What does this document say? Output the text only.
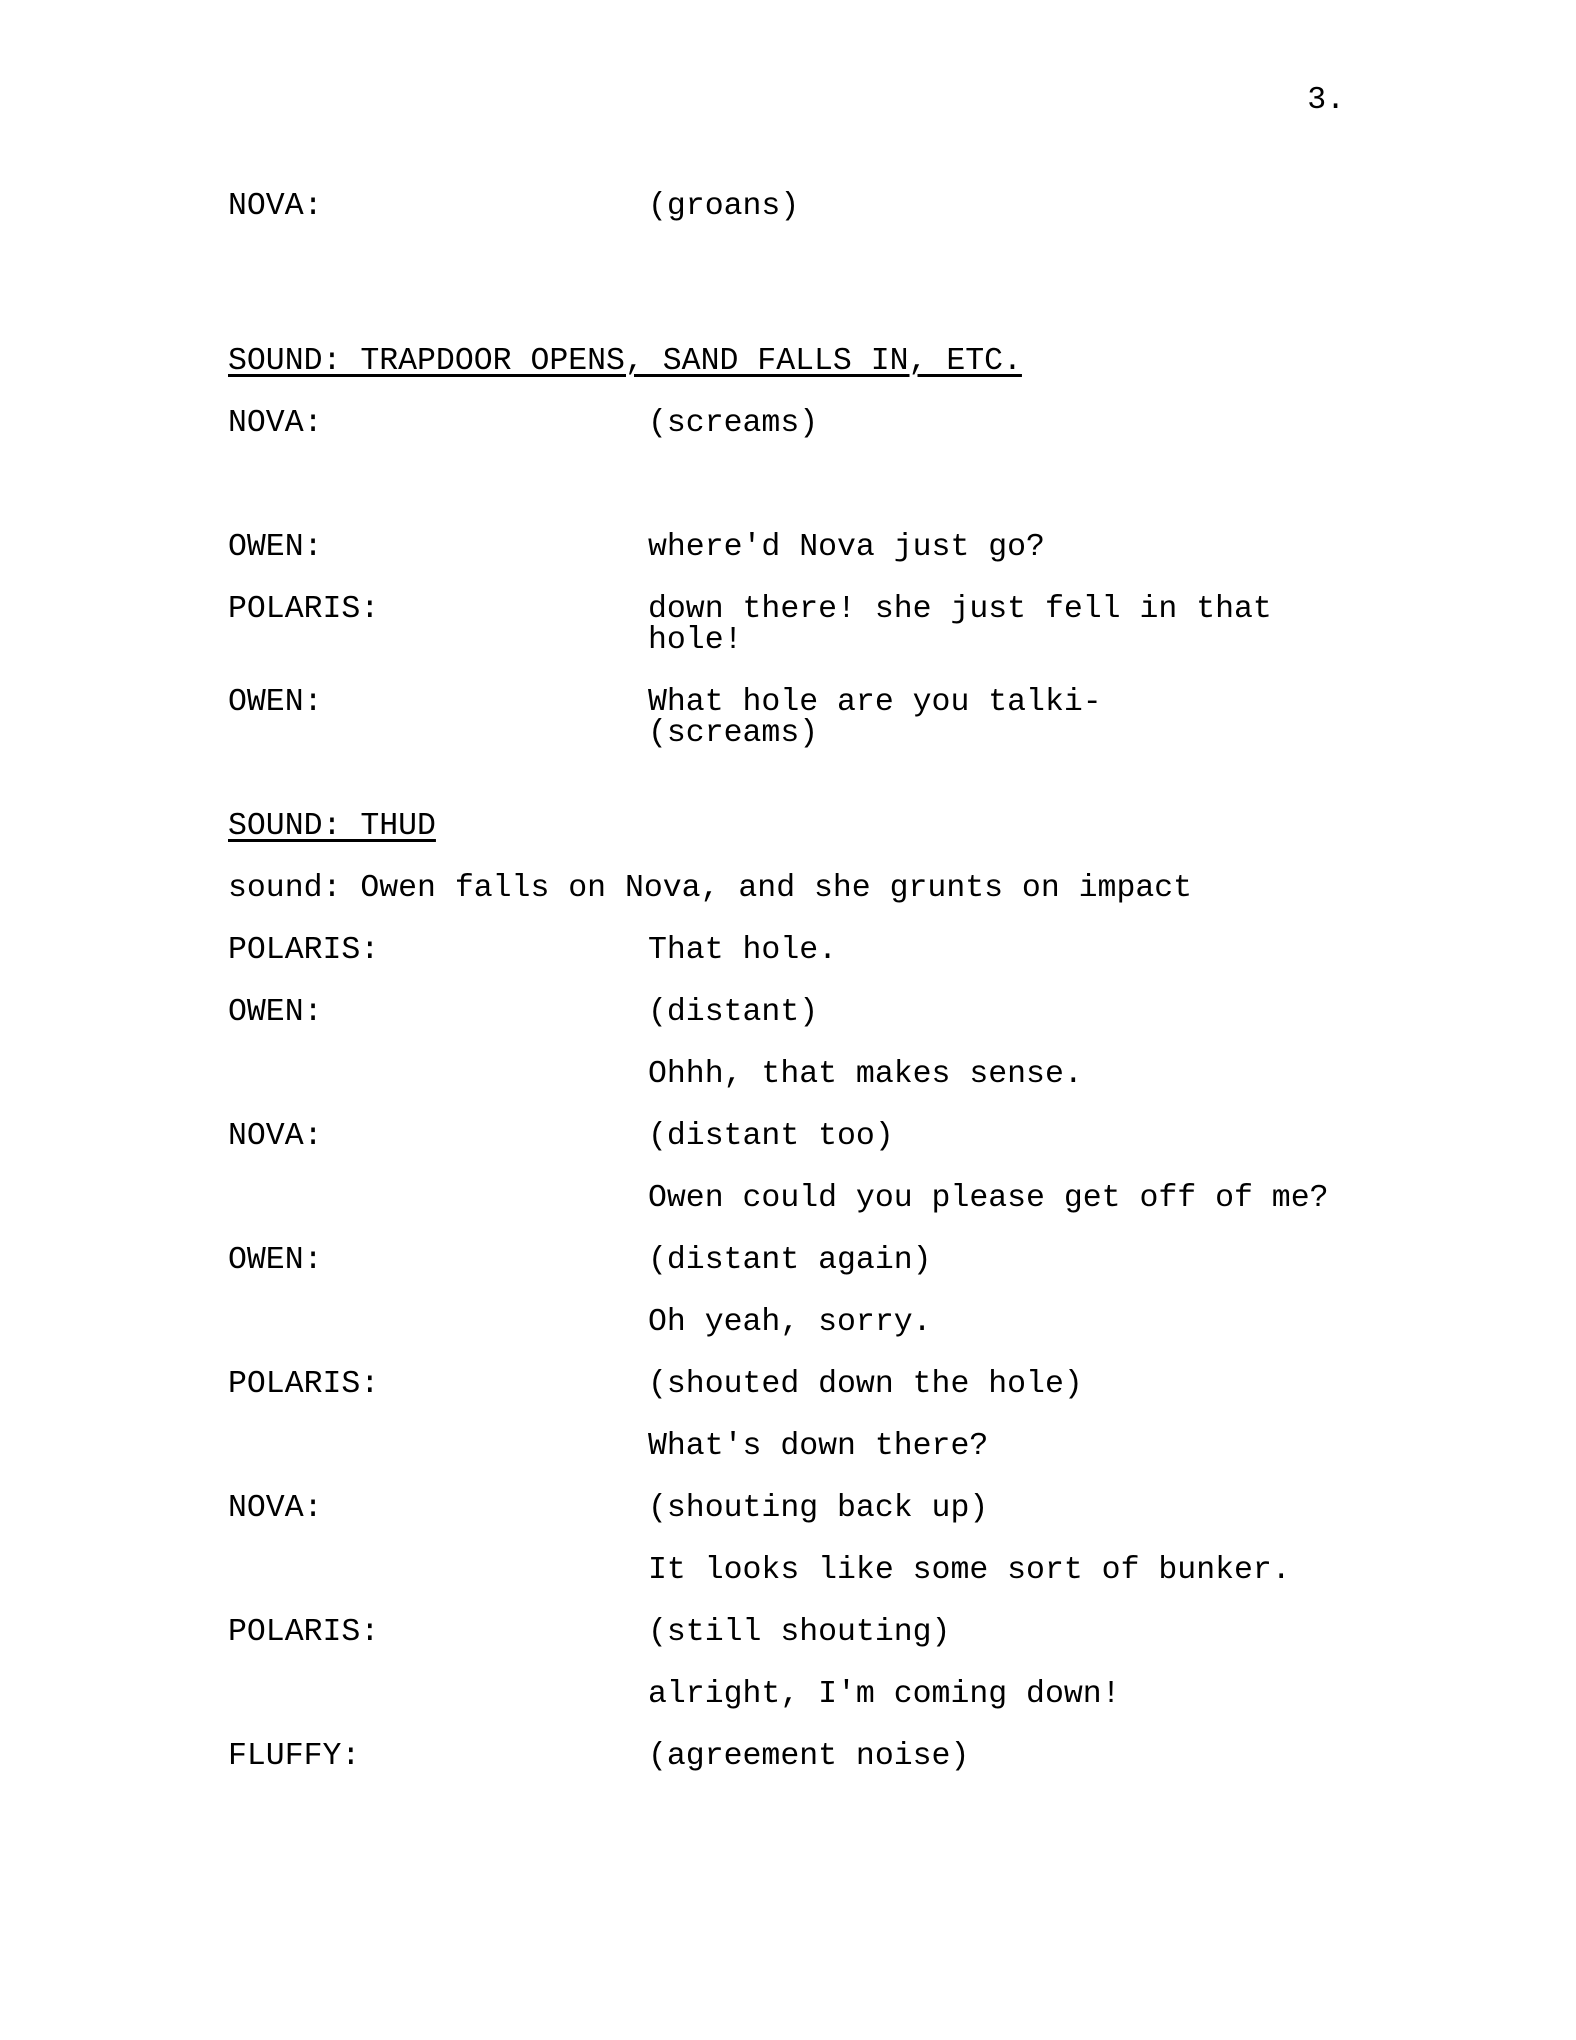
3.
NOVA:	(groans)
SOUND: TRAPDOOR OPENS, SAND FALLS IN, ETC.
NOVA:	(screams)
OWEN:	where'd Nova just go?
POLARIS:	down there! she just fell in that
hole!
OWEN:	What hole are you talki-
(screams)
SOUND: THUD
sound: Owen falls on Nova, and she grunts on impact
POLARIS:	That hole.
OWEN:	(distant)
Ohhh, that makes sense.
NOVA:	(distant too)
Owen could you please get off of me?
OWEN:	(distant again)
Oh yeah, sorry.
POLARIS:	(shouted down the hole)
What's down there?
NOVA:	(shouting back up)
It looks like some sort of bunker.
POLARIS:	(still shouting)
alright, I'm coming down!
FLUFFY:	(agreement noise)
